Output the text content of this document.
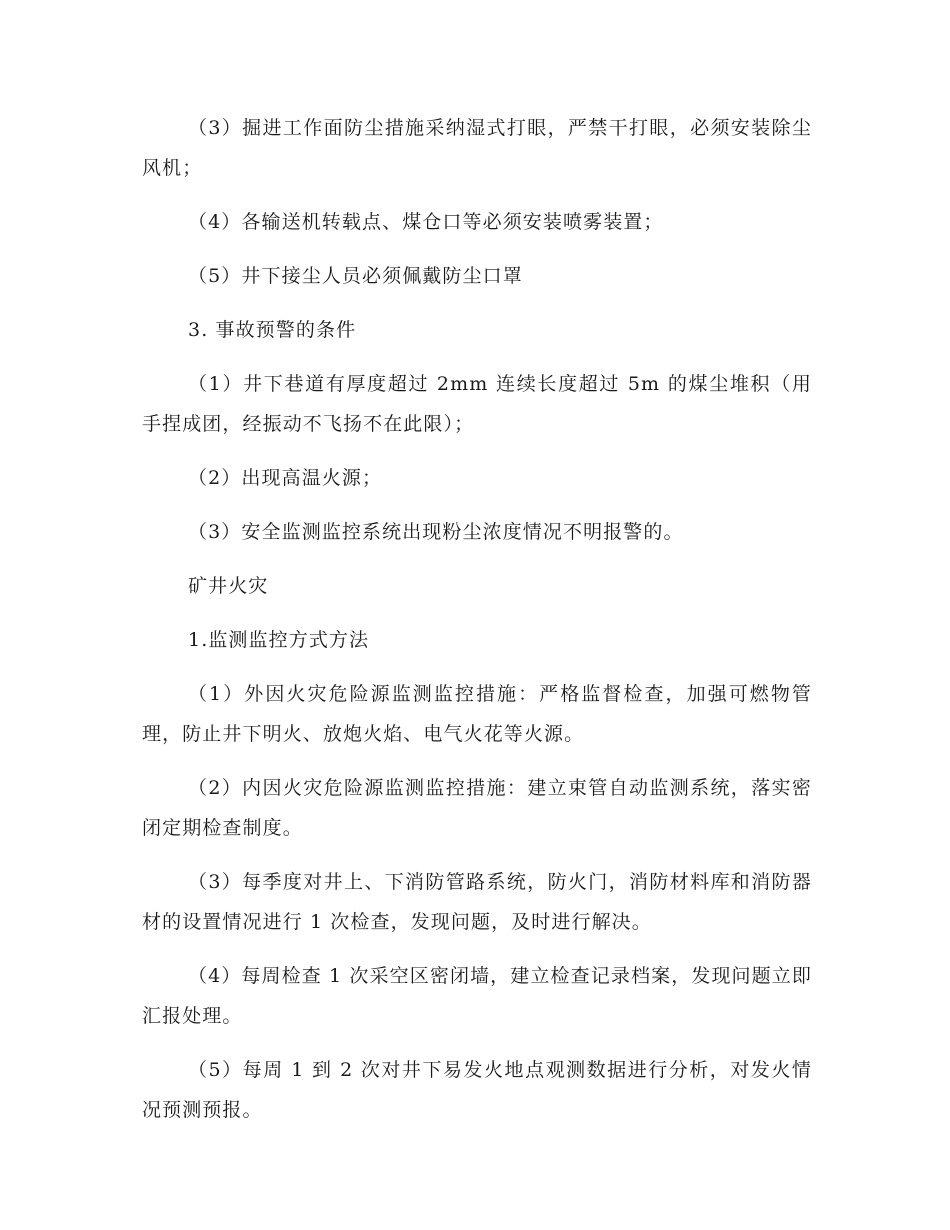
（3）掘进工作面防尘措施采纳湿式打眼，严禁干打眼，必须安装除尘风机；

（4）各输送机转载点、煤仓口等必须安装喷雾装置；

（5）井下接尘人员必须佩戴防尘口罩

3. 事故预警的条件

（1）井下巷道有厚度超过 2mm 连续长度超过 5m 的煤尘堆积（用手捏成团，经振动不飞扬不在此限）；

（2）出现高温火源；

（3）安全监测监控系统出现粉尘浓度情况不明报警的。

矿井火灾

1.监测监控方式方法

（1）外因火灾危险源监测监控措施：严格监督检查，加强可燃物管理，防止井下明火、放炮火焰、电气火花等火源。

（2）内因火灾危险源监测监控措施：建立束管自动监测系统，落实密闭定期检查制度。

（3）每季度对井上、下消防管路系统，防火门，消防材料库和消防器材的设置情况进行 1 次检查，发现问题，及时进行解决。

（4）每周检查 1 次采空区密闭墙，建立检查记录档案，发现问题立即汇报处理。

（5）每周 1 到 2 次对井下易发火地点观测数据进行分析，对发火情况预测预报。
